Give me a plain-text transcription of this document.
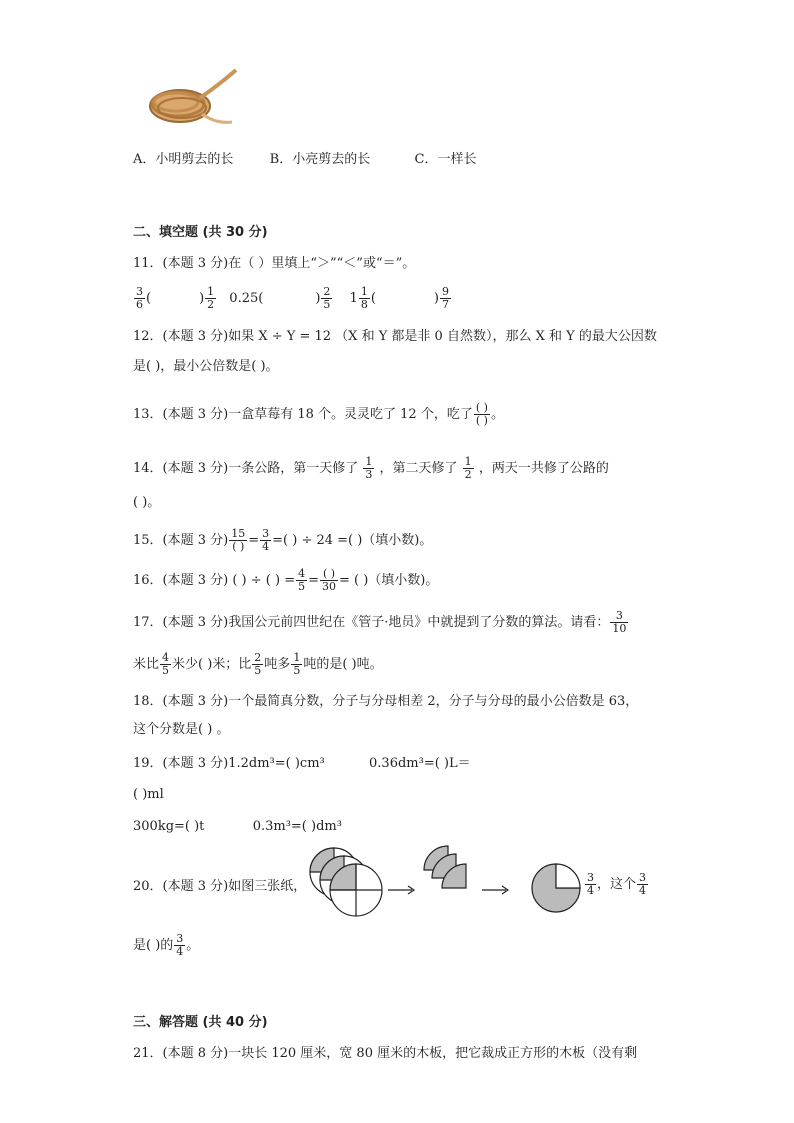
A．小明剪去的长	B．小亮剪去的长	C．一样长
二、填空题 (共 30 分)
11．(本题 3 分)在（ ）里填上“＞”“＜”或“＝”。
$\frac{3}{6}$ (	) $\frac{1}{2} 0.25$(	) $\frac{2}{5} 1 \frac{1}{8}$ (	) $\frac{9}{7}$
12．(本题 3 分)如果 X ÷ Y = 12 （X 和 Y 都是非 0 自然数），那么 X 和 Y 的最大公因数
是( )，最小公倍数是( )。
13．(本题 3 分)一盒草莓有 18 个。灵灵吃了 12 个，吃了 ( )
( ) 。
14．(本题 3 分)一条公路，第一天修了 $\frac{1}{3}$ ，第二天修了 $\frac{1}{2}$ ，两天一共修了公路的
( )。
15．(本题 3 分) 15
( ) = $\frac{3}{4}$ =( ) ÷ 24 =( )（填小数)。
16．(本题 3 分) ( ) ÷ ( ) = $\frac{4}{5}$ = ( )
30 = ( )（填小数)。
17．(本题 3 分)我国公元前四世纪在《管子·地员》中就提到了分数的算法。请看： $\frac{3}{10}$
米比 $\frac{4}{5}$ 米少( )米；比 $\frac{2}{5}$ 吨多 $\frac{1}{5}$ 吨的是( )吨。
18．(本题 3 分)一个最简真分数，分子与分母相差 2，分子与分母的最小公倍数是 63，
这个分数是( ) 。
19．(本题 3 分)1.2dm³=( )cm³	0.36dm³=( )L＝
( )ml
300kg=( )t	0.3m³=( )dm³
20．(本题 3 分)如图三张纸，	$\frac{3}{4}$ ，这个 $\frac{3}{4}$
是( )的 $\frac{3}{4}$ 。
三、解答题 (共 40 分)
21．(本题 8 分)一块长 120 厘米，宽 80 厘米的木板，把它裁成正方形的木板（没有剩
